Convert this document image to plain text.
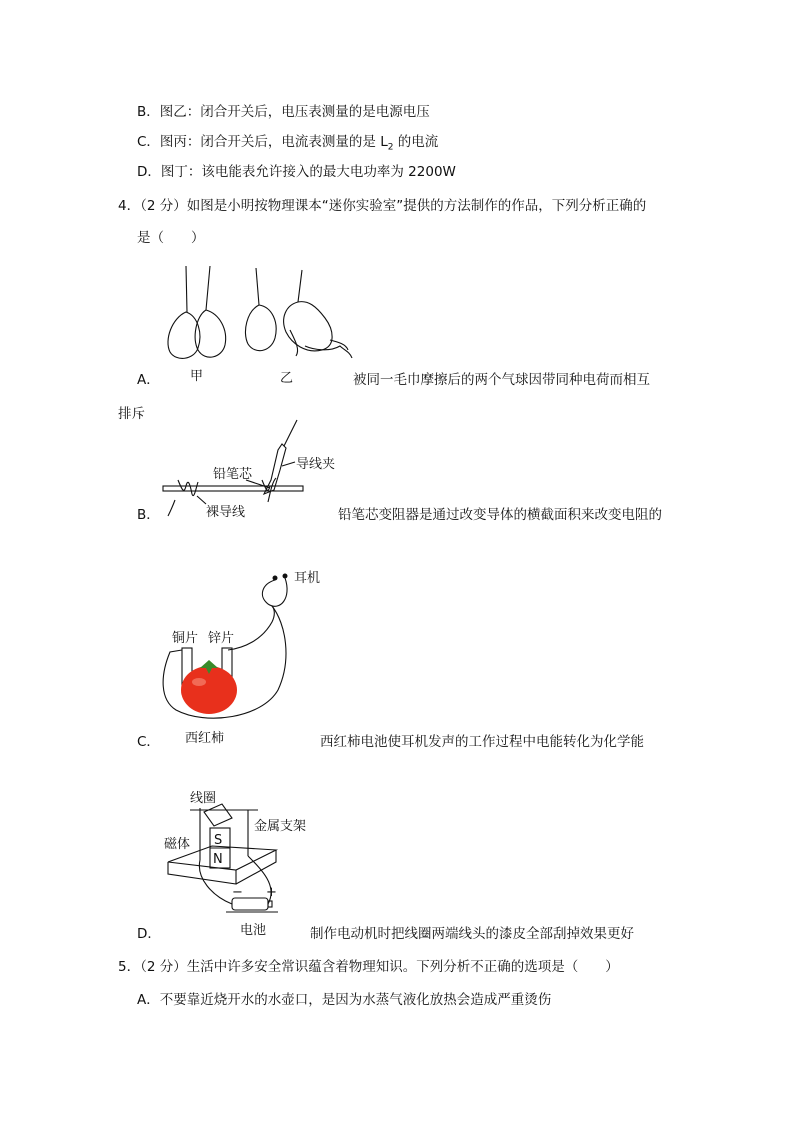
B．图乙：闭合开关后，电压表测量的是电源电压
C．图丙：闭合开关后，电流表测量的是 $L_2$ 的电流
D．图丁：该电能表允许接入的最大电功率为 2200W
4．（2 分）如图是小明按物理课本“迷你实验室”提供的方法制作的作品，下列分析正确的
是（　　）
甲	乙
A．	被同一毛巾摩擦后的两个气球因带同种电荷而相互
排斥
铅笔芯
导线夹
裸导线
B．	铅笔芯变阻器是通过改变导体的横截面积来改变电阻的
铜片 锌片
耳机
西红柿
C．	西红柿电池使耳机发声的工作过程中电能转化为化学能
S
N
− +
线圈
金属支架
磁体
电池
D．	制作电动机时把线圈两端线头的漆皮全部刮掉效果更好
5．（2 分）生活中许多安全常识蕴含着物理知识。下列分析不正确的选项是（　　）
A．不要靠近烧开水的水壶口，是因为水蒸气液化放热会造成严重烫伤
